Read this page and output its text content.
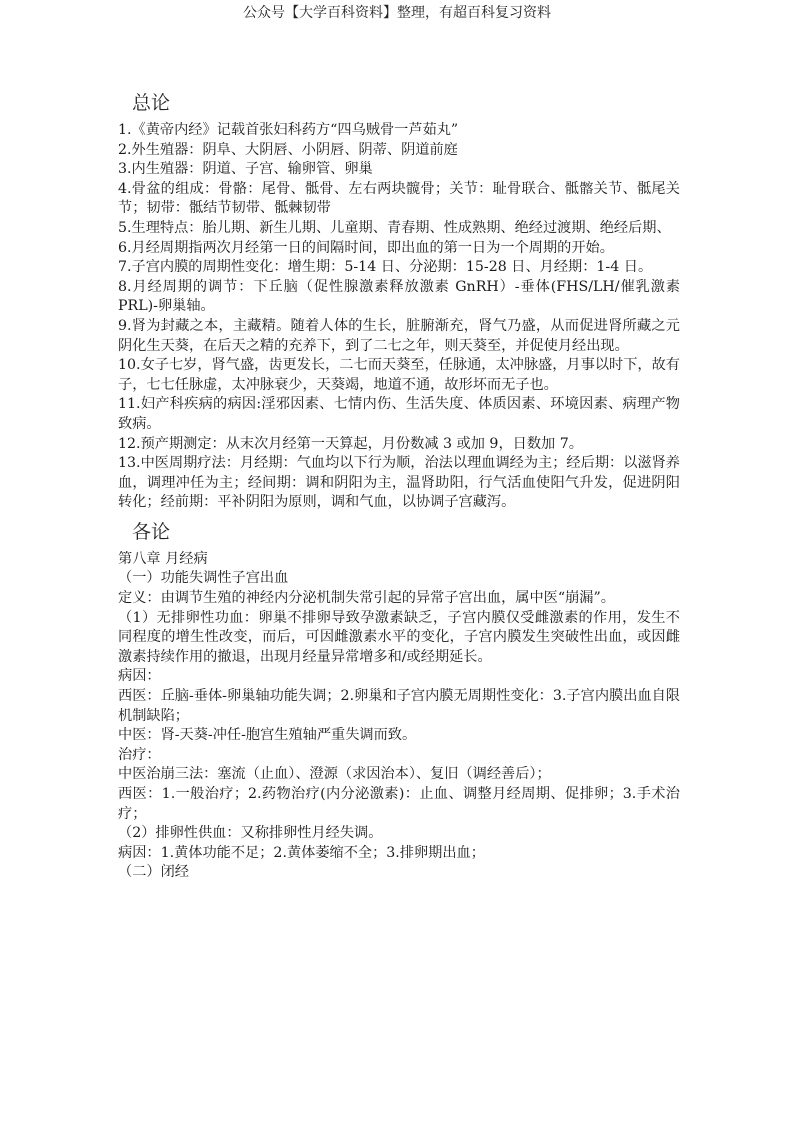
公众号【大学百科资料】整理，有超百科复习资料
总论

1.《黄帝内经》记载首张妇科药方“四乌贼骨一芦茹丸”

2.外生殖器：阴阜、大阴唇、小阴唇、阴蒂、阴道前庭

3.内生殖器：阴道、子宫、输卵管、卵巢

4.骨盆的组成：骨骼：尾骨、骶骨、左右两块髋骨；关节：耻骨联合、骶髂关节、骶尾关节；韧带：骶结节韧带、骶棘韧带

5.生理特点：胎儿期、新生儿期、儿童期、青春期、性成熟期、绝经过渡期、绝经后期、

6.月经周期指两次月经第一日的间隔时间，即出血的第一日为一个周期的开始。

7.子宫内膜的周期性变化：增生期：5-14 日、分泌期：15-28 日、月经期：1-4 日。

8.月经周期的调节：下丘脑（促性腺激素释放激素 GnRH）-垂体(FHS/LH/催乳激素 PRL)-卵巢轴。

9.肾为封藏之本，主藏精。随着人体的生长，脏腑渐充，肾气乃盛，从而促进肾所藏之元阴化生天葵，在后天之精的充养下，到了二七之年，则天葵至，并促使月经出现。

10.女子七岁，肾气盛，齿更发长，二七而天葵至，任脉通，太冲脉盛，月事以时下，故有子，七七任脉虚，太冲脉衰少，天葵竭，地道不通，故形坏而无子也。

11.妇产科疾病的病因:淫邪因素、七情内伤、生活失度、体质因素、环境因素、病理产物致病。

12.预产期测定：从末次月经第一天算起，月份数减 3 或加 9，日数加 7。

13.中医周期疗法：月经期：气血均以下行为顺，治法以理血调经为主；经后期：以滋肾养血，调理冲任为主；经间期：调和阴阳为主，温肾助阳，行气活血使阳气升发，促进阴阳转化；经前期：平补阴阳为原则，调和气血，以协调子宫藏泻。

各论

第八章 月经病

（一）功能失调性子宫出血

定义：由调节生殖的神经内分泌机制失常引起的异常子宫出血，属中医“崩漏”。

（1）无排卵性功血：卵巢不排卵导致孕激素缺乏，子宫内膜仅受雌激素的作用，发生不同程度的增生性改变，而后，可因雌激素水平的变化，子宫内膜发生突破性出血，或因雌激素持续作用的撤退，出现月经量异常增多和/或经期延长。

病因：

西医：丘脑-垂体-卵巢轴功能失调；2.卵巢和子宫内膜无周期性变化：3.子宫内膜出血自限机制缺陷；

中医：肾-天葵-冲任-胞宫生殖轴严重失调而致。

治疗：

中医治崩三法：塞流（止血）、澄源（求因治本）、复旧（调经善后）；

西医：1.一般治疗；2.药物治疗(内分泌激素)：止血、调整月经周期、促排卵；3.手术治疗；

（2）排卵性供血：又称排卵性月经失调。

病因：1.黄体功能不足；2.黄体萎缩不全；3.排卵期出血；

（二）闭经
